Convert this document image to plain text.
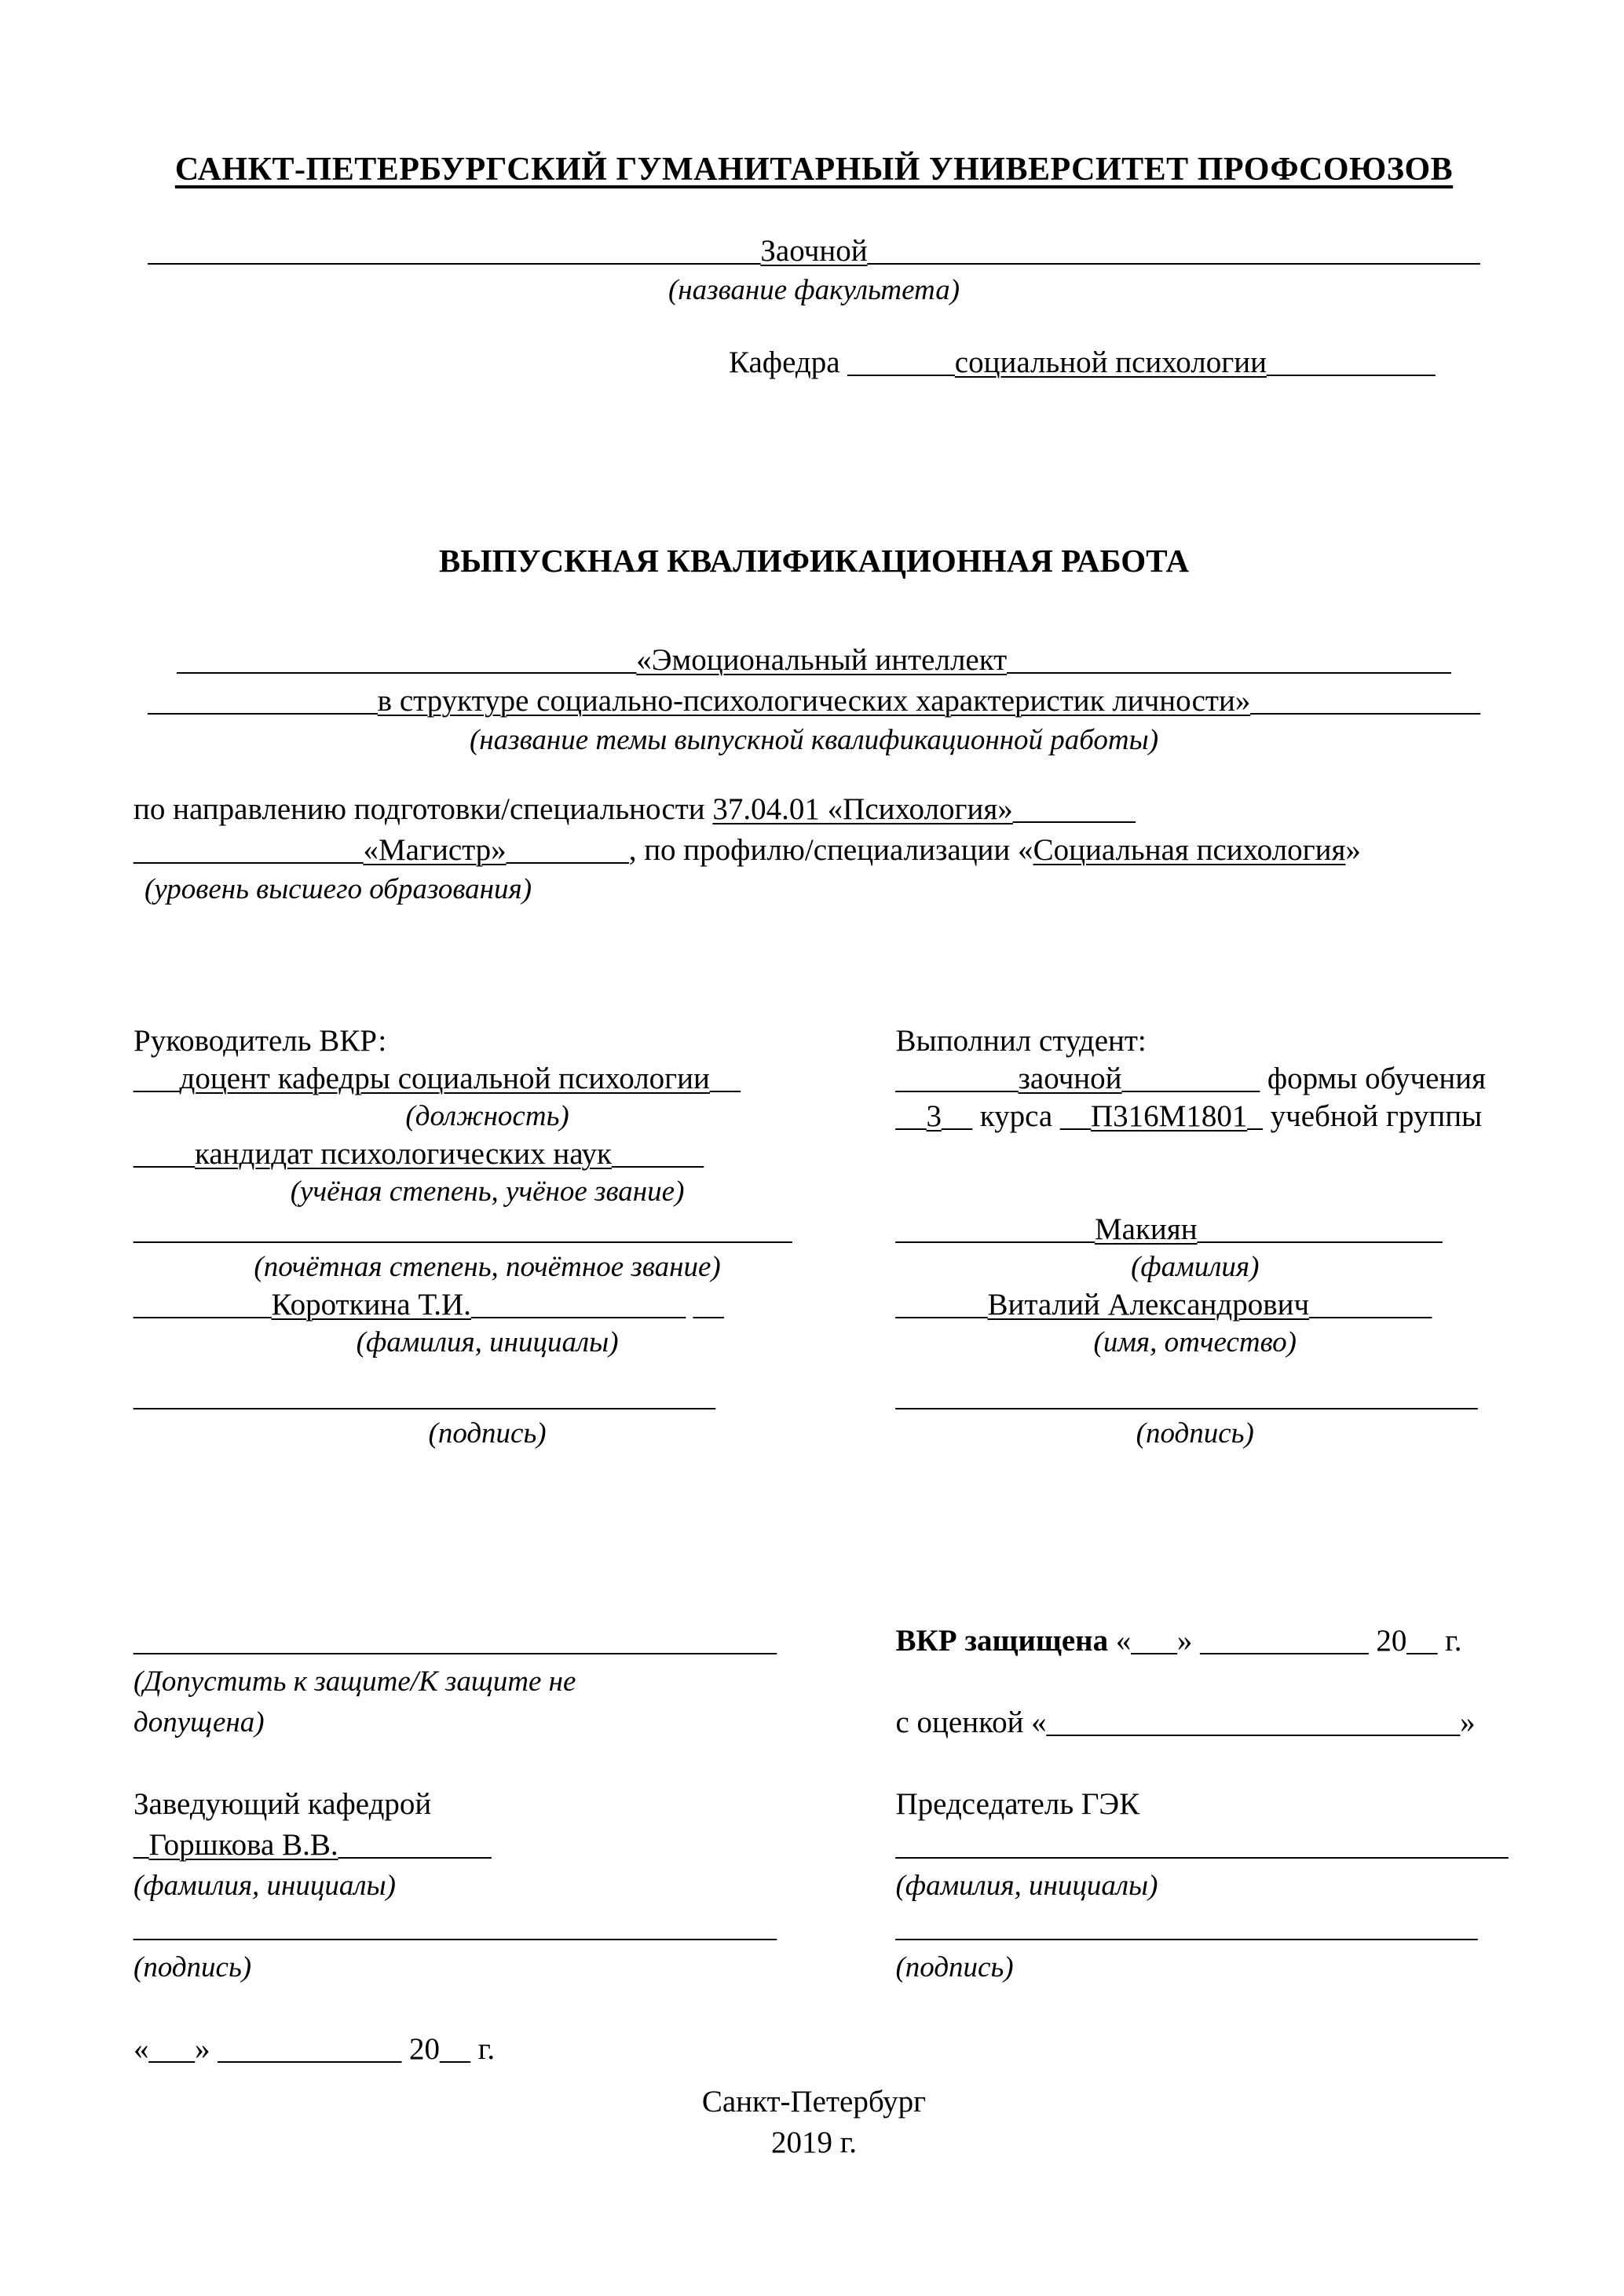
САНКТ-ПЕТЕРБУРГСКИЙ ГУМАНИТАРНЫЙ УНИВЕРСИТЕТ ПРОФСОЮЗОВ
________________________________________Заочной________________________________________
(название факультета)
Кафедра _______социальной психологии___________
ВЫПУСКНАЯ КВАЛИФИКАЦИОННАЯ РАБОТА
______________________________«Эмоциональный интеллект_____________________________
_______________в структуре социально-психологических характеристик личности»_______________
(название темы выпускной квалификационной работы)
по направлению подготовки/специальности 37.04.01 «Психология»________
_______________«Магистр»________, по профилю/специализации «Социальная психология»
(уровень высшего образования)
Руководитель ВКР:
___доцент кафедры социальной психологии__
(должность)
____кандидат психологических наук______
(учёная степень, учёное звание)
___________________________________________
(почётная степень, почётное звание)
_________Короткина Т.И.______________ __
(фамилия, инициалы)
______________________________________
(подпись)
Выполнил студент:
________заочной_________ формы обучения
__3__ курса __П316М1801_ учебной группы
_____________Макиян________________
(фамилия)
______Виталий Александрович________
(имя, отчество)
______________________________________
(подпись)
__________________________________________
(Допустить к защите/К защите не
допущена)
Заведующий кафедрой
_Горшкова В.В.__________
(фамилия, инициалы)
__________________________________________
(подпись)
«___» ____________ 20__ г.
ВКР защищена «___» ___________ 20__ г.
с оценкой «___________________________»
Председатель ГЭК
________________________________________
(фамилия, инициалы)
______________________________________
(подпись)
Санкт-Петербург
2019 г.
